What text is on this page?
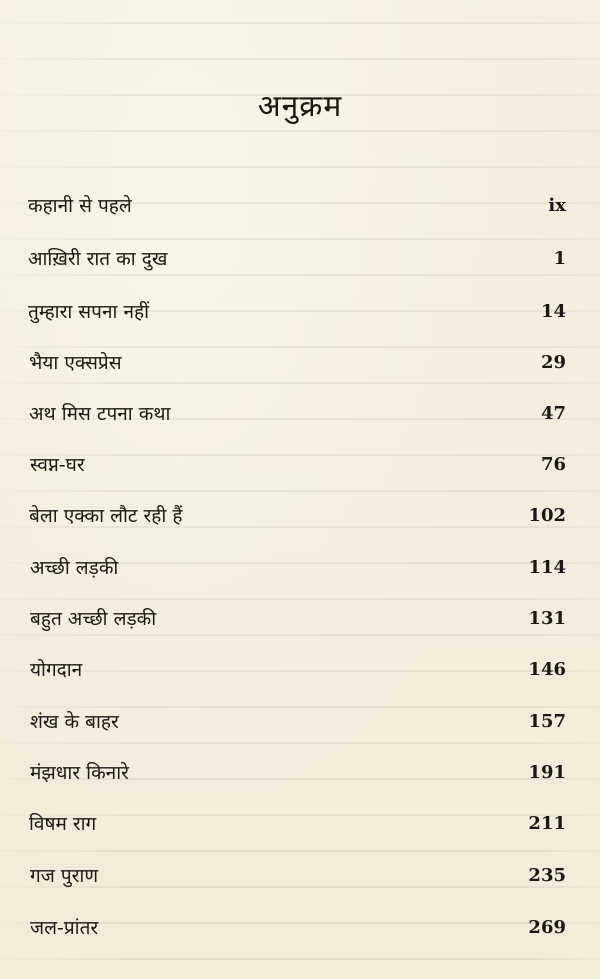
अनुक्रम
कहानी से पहले	ix
आख़िरी रात का दुख	1
तुम्हारा सपना नहीं	14
भैया एक्सप्रेस	29
अथ मिस टपना कथा	47
स्वप्न-घर	76
बेला एक्का लौट रही हैं	102
अच्छी लड़की	114
बहुत अच्छी लड़की	131
योगदान	146
शंख के बाहर	157
मंझधार किनारे	191
विषम राग	211
गज पुराण	235
जल-प्रांतर	269
